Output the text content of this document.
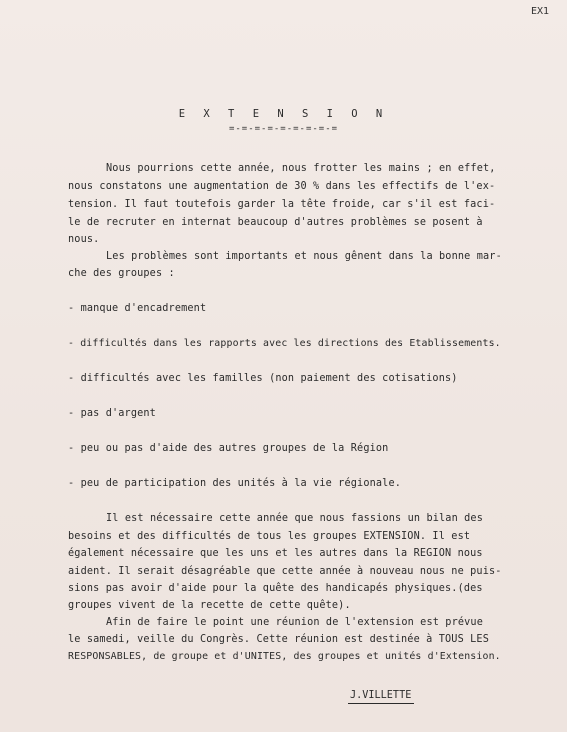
EX1
E X T E N S I O N
=-=-=-=-=-=-=-=-=
Nous pourrions cette année, nous frotter les mains ; en effet,
nous constatons une augmentation de 30 % dans les effectifs de l'ex-
tension. Il faut toutefois garder la tête froide, car s'il est faci-
le de recruter en internat beaucoup d'autres problèmes se posent à
nous.
Les problèmes sont importants et nous gênent dans la bonne mar-
che des groupes :
- manque d'encadrement
- difficultés dans les rapports avec les directions des Etablissements.
- difficultés avec les familles (non paiement des cotisations)
- pas d'argent
- peu ou pas d'aide des autres groupes de la Région
- peu de participation des unités à la vie régionale.
Il est nécessaire cette année que nous fassions un bilan des
besoins et des difficultés de tous les groupes EXTENSION. Il est
également nécessaire que les uns et les autres dans la REGION nous
aident. Il serait désagréable que cette année à nouveau nous ne puis-
sions pas avoir d'aide pour la quête des handicapés physiques.(des
groupes vivent de la recette de cette quête).
Afin de faire le point une réunion de l'extension est prévue
le samedi, veille du Congrès. Cette réunion est destinée à TOUS LES
RESPONSABLES, de groupe et d'UNITES, des groupes et unités d'Extension.
J.VILLETTE
